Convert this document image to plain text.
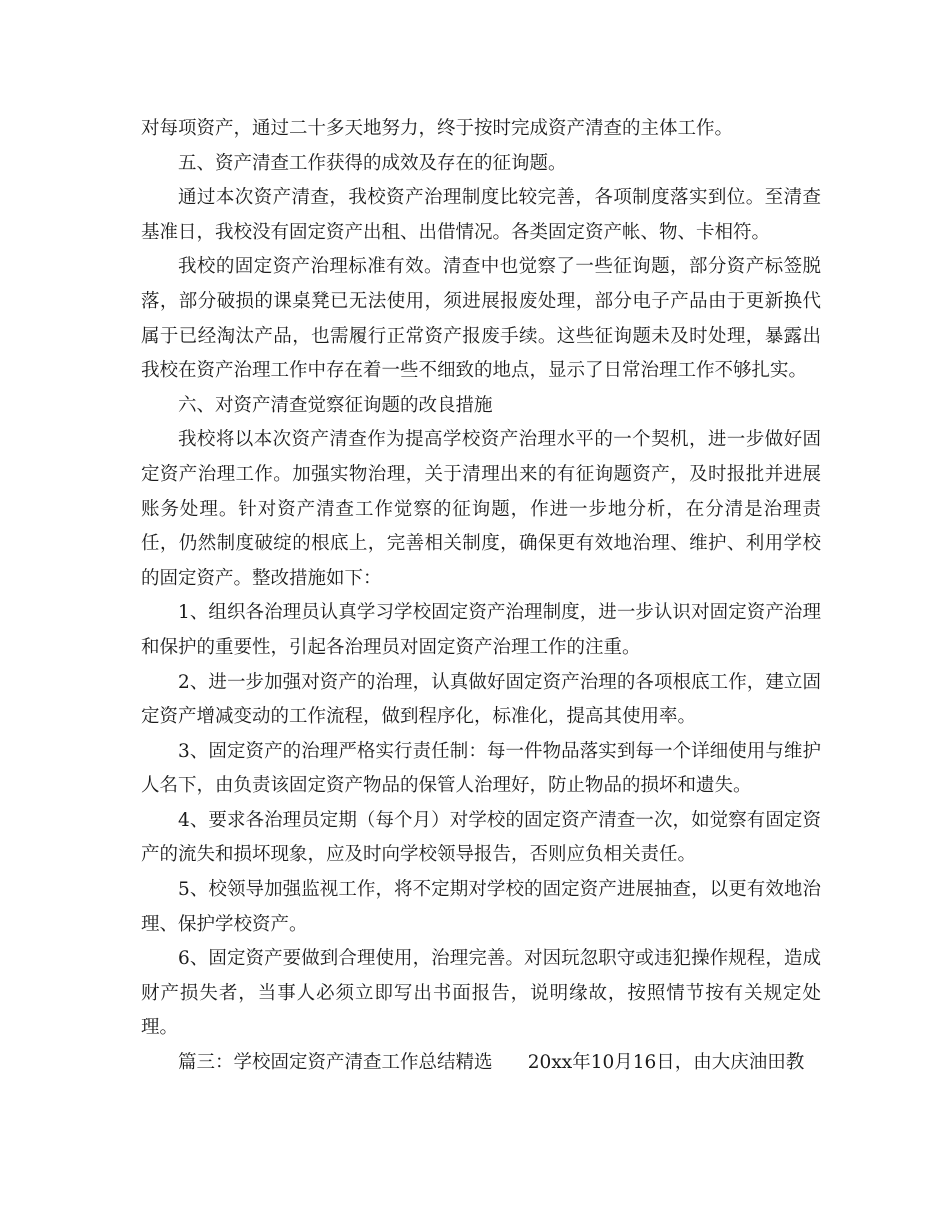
对每项资产，通过二十多天地努力，终于按时完成资产清查的主体工作。

五、资产清查工作获得的成效及存在的征询题。

通过本次资产清查，我校资产治理制度比较完善，各项制度落实到位。至清查基准日，我校没有固定资产出租、出借情况。各类固定资产帐、物、卡相符。

我校的固定资产治理标准有效。清查中也觉察了一些征询题，部分资产标签脱落，部分破损的课桌凳已无法使用，须进展报废处理，部分电子产品由于更新换代属于已经淘汰产品，也需履行正常资产报废手续。这些征询题未及时处理，暴露出我校在资产治理工作中存在着一些不细致的地点，显示了日常治理工作不够扎实。

六、对资产清查觉察征询题的改良措施

我校将以本次资产清查作为提高学校资产治理水平的一个契机，进一步做好固定资产治理工作。加强实物治理，关于清理出来的有征询题资产，及时报批并进展账务处理。针对资产清查工作觉察的征询题，作进一步地分析，在分清是治理责任，仍然制度破绽的根底上，完善相关制度，确保更有效地治理、维护、利用学校的固定资产。整改措施如下：

1、组织各治理员认真学习学校固定资产治理制度，进一步认识对固定资产治理和保护的重要性，引起各治理员对固定资产治理工作的注重。

2、进一步加强对资产的治理，认真做好固定资产治理的各项根底工作，建立固定资产增减变动的工作流程，做到程序化，标准化，提高其使用率。

3、固定资产的治理严格实行责任制：每一件物品落实到每一个详细使用与维护人名下，由负责该固定资产物品的保管人治理好，防止物品的损坏和遗失。

4、要求各治理员定期（每个月）对学校的固定资产清查一次，如觉察有固定资产的流失和损坏现象，应及时向学校领导报告，否则应负相关责任。

5、校领导加强监视工作，将不定期对学校的固定资产进展抽查，以更有效地治理、保护学校资产。

6、固定资产要做到合理使用，治理完善。对因玩忽职守或违犯操作规程，造成财产损失者，当事人必须立即写出书面报告，说明缘故，按照情节按有关规定处理。

篇三：学校固定资产清查工作总结精选      20xx年10月16日，由大庆油田教
